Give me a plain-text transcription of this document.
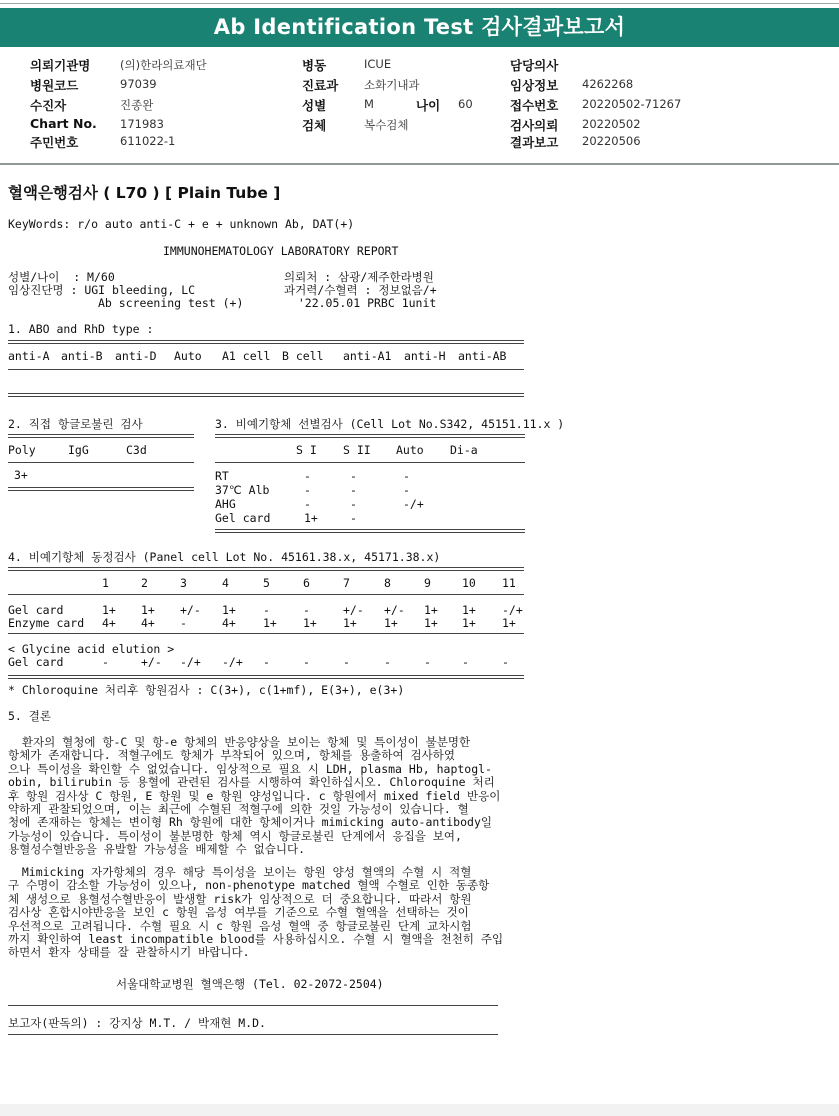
Ab Identification Test 검사결과보고서
의뢰기관명	(의)한라의료재단
병원코드	97039
수진자	진종완
Chart No. 171983
주민번호	611022-1
병동	ICUE
진료과 소화기내과
성별	M	나이 60
검체	복수검체
담당의사
임상정보 4262268
접수번호 20220502-71267
검사의뢰 20220502
결과보고 20220506
혈액은행검사 ( L70 ) [ Plain Tube ]
KeyWords: r/o auto anti-C + e + unknown Ab, DAT(+)
IMMUNOHEMATOLOGY LABORATORY REPORT
성별/나이  : M/60
임상진단명 : UGI bleeding, LC
Ab screening test (+)
의뢰처 : 삼광/제주한라병원
과거력/수혈력 : 정보없음/+
'22.05.01 PRBC 1unit
1. ABO and RhD type :
anti-A anti-B anti-D Auto A1 cell B cell anti-A1 anti-H anti-AB
2. 직접 항글로불린 검사
Poly	IgG	C3d
3+
3. 비예기항체 선별검사 (Cell Lot No.S342, 45151.11.x )
S I S II Auto Di-a
RT	-	-	-
37℃ Alb	-	-	-
AHG	-	-	-/+
Gel card	1+	-
4. 비예기항체 동정검사 (Panel cell Lot No. 45161.38.x, 45171.38.x)
1	2	3	4	5	6	7	8	9	10 11
Gel card	1+ 1+ +/- 1+ -	-	+/- +/- 1+ 1+ -/+
Enzyme card 4+ 4+ -	4+ 1+ 1+ 1+ 1+ 1+ 1+ 1+
Gel card	-	+/- -/+ -/+ -	-	-	-	-	-	-
< Glycine acid elution >
* Chloroquine 처리후 항원검사 : C(3+), c(1+mf), E(3+), e(3+)
5. 결론
환자의 혈청에 항-C 및 항-e 항체의 반응양상을 보이는 항체 및 특이성이 불분명한
항체가 존재합니다. 적혈구에도 항체가 부착되어 있으며, 항체를 용출하여 검사하였
으나 특이성을 확인할 수 없었습니다. 임상적으로 필요 시 LDH, plasma Hb, haptogl-
obin, bilirubin 등 용혈에 관련된 검사를 시행하여 확인하십시오. Chloroquine 처리
후 항원 검사상 C 항원, E 항원 및 e 항원 양성입니다. c 항원에서 mixed field 반응이
약하게 관찰되었으며, 이는 최근에 수혈된 적혈구에 의한 것일 가능성이 있습니다. 혈
청에 존재하는 항체는 변이형 Rh 항원에 대한 항체이거나 mimicking auto-antibody일
가능성이 있습니다. 특이성이 불분명한 항체 역시 항글로불린 단계에서 응집을 보여,
용혈성수혈반응을 유발할 가능성을 배제할 수 없습니다.
Mimicking 자가항체의 경우 해당 특이성을 보이는 항원 양성 혈액의 수혈 시 적혈
구 수명이 감소할 가능성이 있으나, non-phenotype matched 혈액 수혈로 인한 동종항
체 생성으로 용혈성수혈반응이 발생할 risk가 임상적으로 더 중요합니다. 따라서 항원
검사상 혼합시야반응을 보인 c 항원 음성 여부를 기준으로 수혈 혈액을 선택하는 것이
우선적으로 고려됩니다. 수혈 필요 시 c 항원 음성 혈액 중 항글로불린 단계 교차시험
까지 확인하여 least incompatible blood를 사용하십시오. 수혈 시 혈액을 천천히 주입
하면서 환자 상태를 잘 관찰하시기 바랍니다.
서울대학교병원 혈액은행 (Tel. 02-2072-2504)
보고자(판독의) : 강지상 M.T. / 박재현 M.D.
